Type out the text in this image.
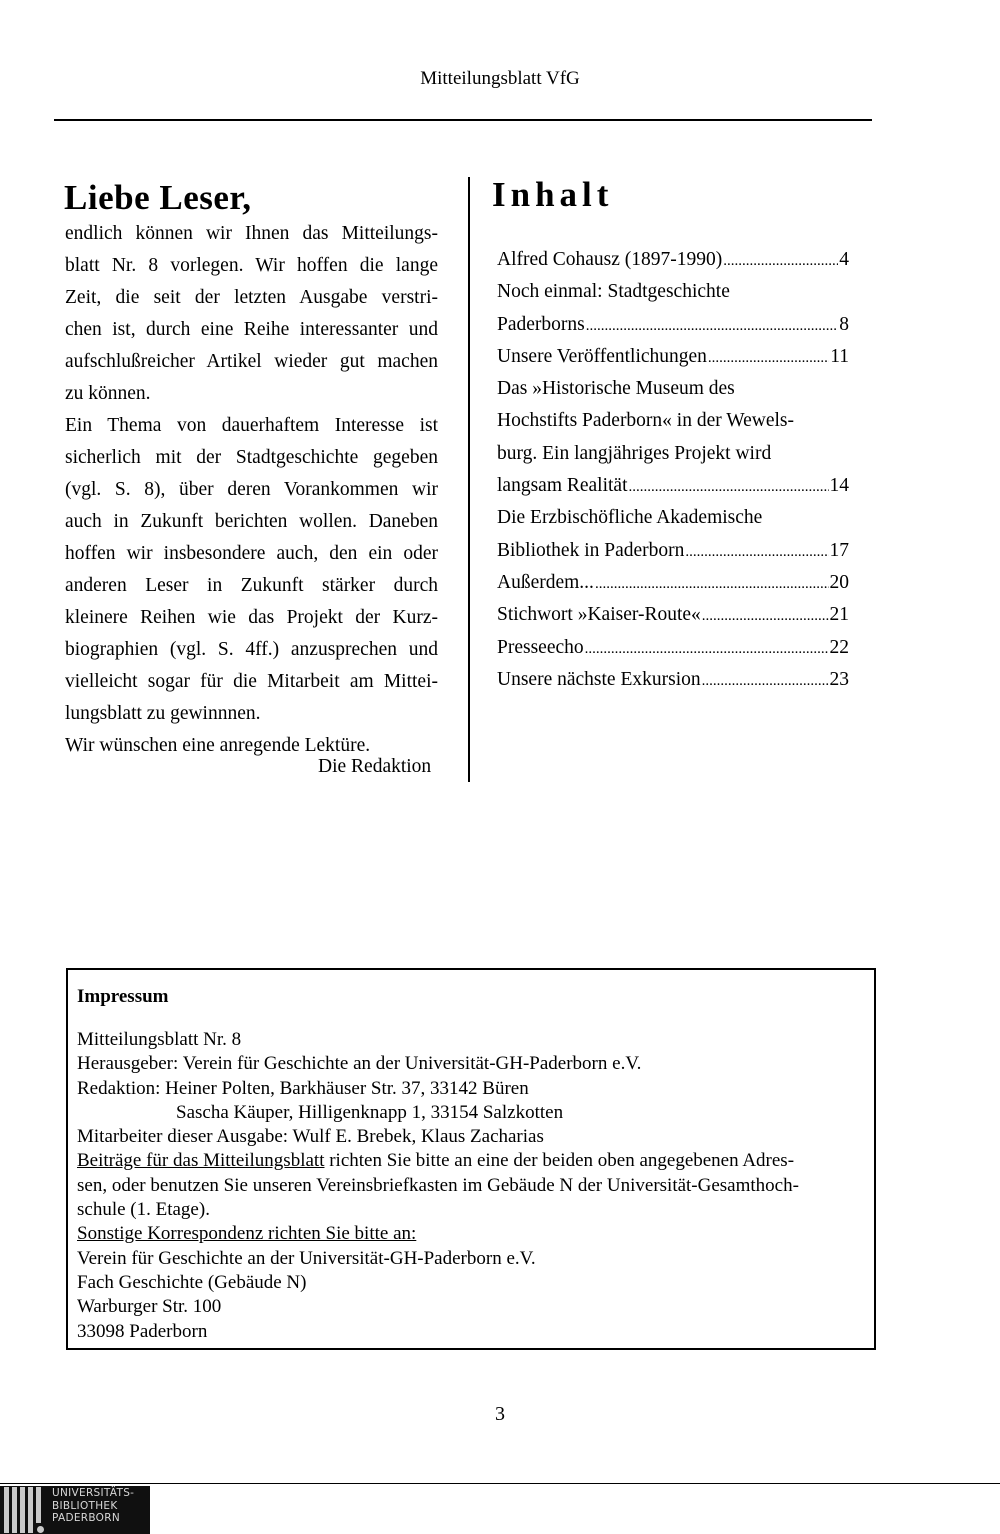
Mitteilungsblatt VfG
Liebe Leser,
endlich können wir Ihnen das Mitteilungs-
blatt Nr. 8 vorlegen. Wir hoffen die lange
Zeit, die seit der letzten Ausgabe verstri-
chen ist, durch eine Reihe interessanter und
aufschlußreicher Artikel wieder gut machen
zu können.
Ein Thema von dauerhaftem Interesse ist
sicherlich mit der Stadtgeschichte gegeben
(vgl. S. 8), über deren Vorankommen wir
auch in Zukunft berichten wollen. Daneben
hoffen wir insbesondere auch, den ein oder
anderen Leser in Zukunft stärker durch
kleinere Reihen wie das Projekt der Kurz-
biographien (vgl. S. 4ff.) anzusprechen und
vielleicht sogar für die Mitarbeit am Mittei-
lungsblatt zu gewinnnen.
Wir wünschen eine anregende Lektüre.
Die Redaktion
Inhalt
Alfred Cohausz (1897-1990) .....	4
Noch einmal: Stadtgeschichte
Paderborns .....	8
Unsere Veröffentlichungen .....	11
Das »Historische Museum des
Hochstifts Paderborn« in der Wewels-
burg. Ein langjähriges Projekt wird
langsam Realität .....	14
Die Erzbischöfliche Akademische
Bibliothek in Paderborn .....	17
Außerdem... .....	20
Stichwort »Kaiser-Route« .....	21
Presseecho .....	22
Unsere nächste Exkursion .....	23
Impressum
Mitteilungsblatt Nr. 8
Herausgeber: Verein für Geschichte an der Universität-GH-Paderborn e.V.
Redaktion: Heiner Polten, Barkhäuser Str. 37, 33142 Büren
Sascha Käuper, Hilligenknapp 1, 33154 Salzkotten
Mitarbeiter dieser Ausgabe: Wulf E. Brebek, Klaus Zacharias
Beiträge für das Mitteilungsblatt richten Sie bitte an eine der beiden oben angegebenen Adres-
sen, oder benutzen Sie unseren Vereinsbriefkasten im Gebäude N der Universität-Gesamthoch-
schule (1. Etage).
Sonstige Korrespondenz richten Sie bitte an:
Verein für Geschichte an der Universität-GH-Paderborn e.V.
Fach Geschichte (Gebäude N)
Warburger Str. 100
33098 Paderborn
3
UNIVERSITÄTS-
BIBLIOTHEK
PADERBORN
